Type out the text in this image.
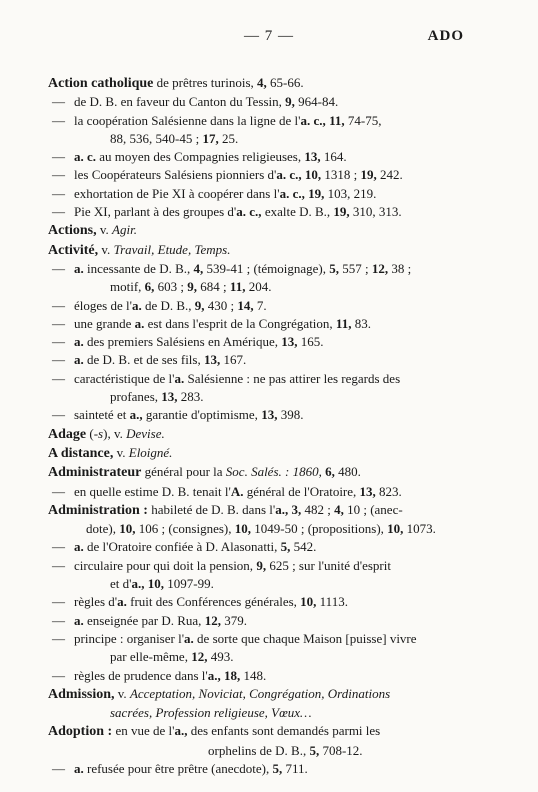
— 7 —	ADO
Action catholique de prêtres turinois, 4, 65-66.
— de D. B. en faveur du Canton du Tessin, 9, 964-84.
— la coopération Salésienne dans la ligne de l'a. c., 11, 74-75,
88, 536, 540-45 ; 17, 25.
— a. c. au moyen des Compagnies religieuses, 13, 164.
— les Coopérateurs Salésiens pionniers d'a. c., 10, 1318 ; 19, 242.
— exhortation de Pie XI à coopérer dans l'a. c., 19, 103, 219.
— Pie XI, parlant à des groupes d'a. c., exalte D. B., 19, 310, 313.
Actions, v. Agir.
Activité, v. Travail, Etude, Temps.
— a. incessante de D. B., 4, 539-41 ; (témoignage), 5, 557 ; 12, 38 ;
motif, 6, 603 ; 9, 684 ; 11, 204.
— éloges de l'a. de D. B., 9, 430 ; 14, 7.
— une grande a. est dans l'esprit de la Congrégation, 11, 83.
— a. des premiers Salésiens en Amérique, 13, 165.
— a. de D. B. et de ses fils, 13, 167.
— caractéristique de l'a. Salésienne : ne pas attirer les regards des
profanes, 13, 283.
— sainteté et a., garantie d'optimisme, 13, 398.
Adage (-s), v. Devise.
A distance, v. Eloigné.
Administrateur général pour la Soc. Salés. : 1860, 6, 480.
— en quelle estime D. B. tenait l'A. général de l'Oratoire, 13, 823.
Administration : habileté de D. B. dans l'a., 3, 482 ; 4, 10 ; (anec-
dote), 10, 106 ; (consignes), 10, 1049-50 ; (propositions), 10, 1073.
— a. de l'Oratoire confiée à D. Alasonatti, 5, 542.
— circulaire pour qui doit la pension, 9, 625 ; sur l'unité d'esprit
et d'a., 10, 1097-99.
— règles d'a. fruit des Conférences générales, 10, 1113.
— a. enseignée par D. Rua, 12, 379.
— principe : organiser l'a. de sorte que chaque Maison [puisse] vivre
par elle-même, 12, 493.
— règles de prudence dans l'a., 18, 148.
Admission, v. Acceptation, Noviciat, Congrégation, Ordinations
sacrées, Profession religieuse, Vœux…
Adoption : en vue de l'a., des enfants sont demandés parmi les
orphelins de D. B., 5, 708-12.
— a. refusée pour être prêtre (anecdote), 5, 711.
